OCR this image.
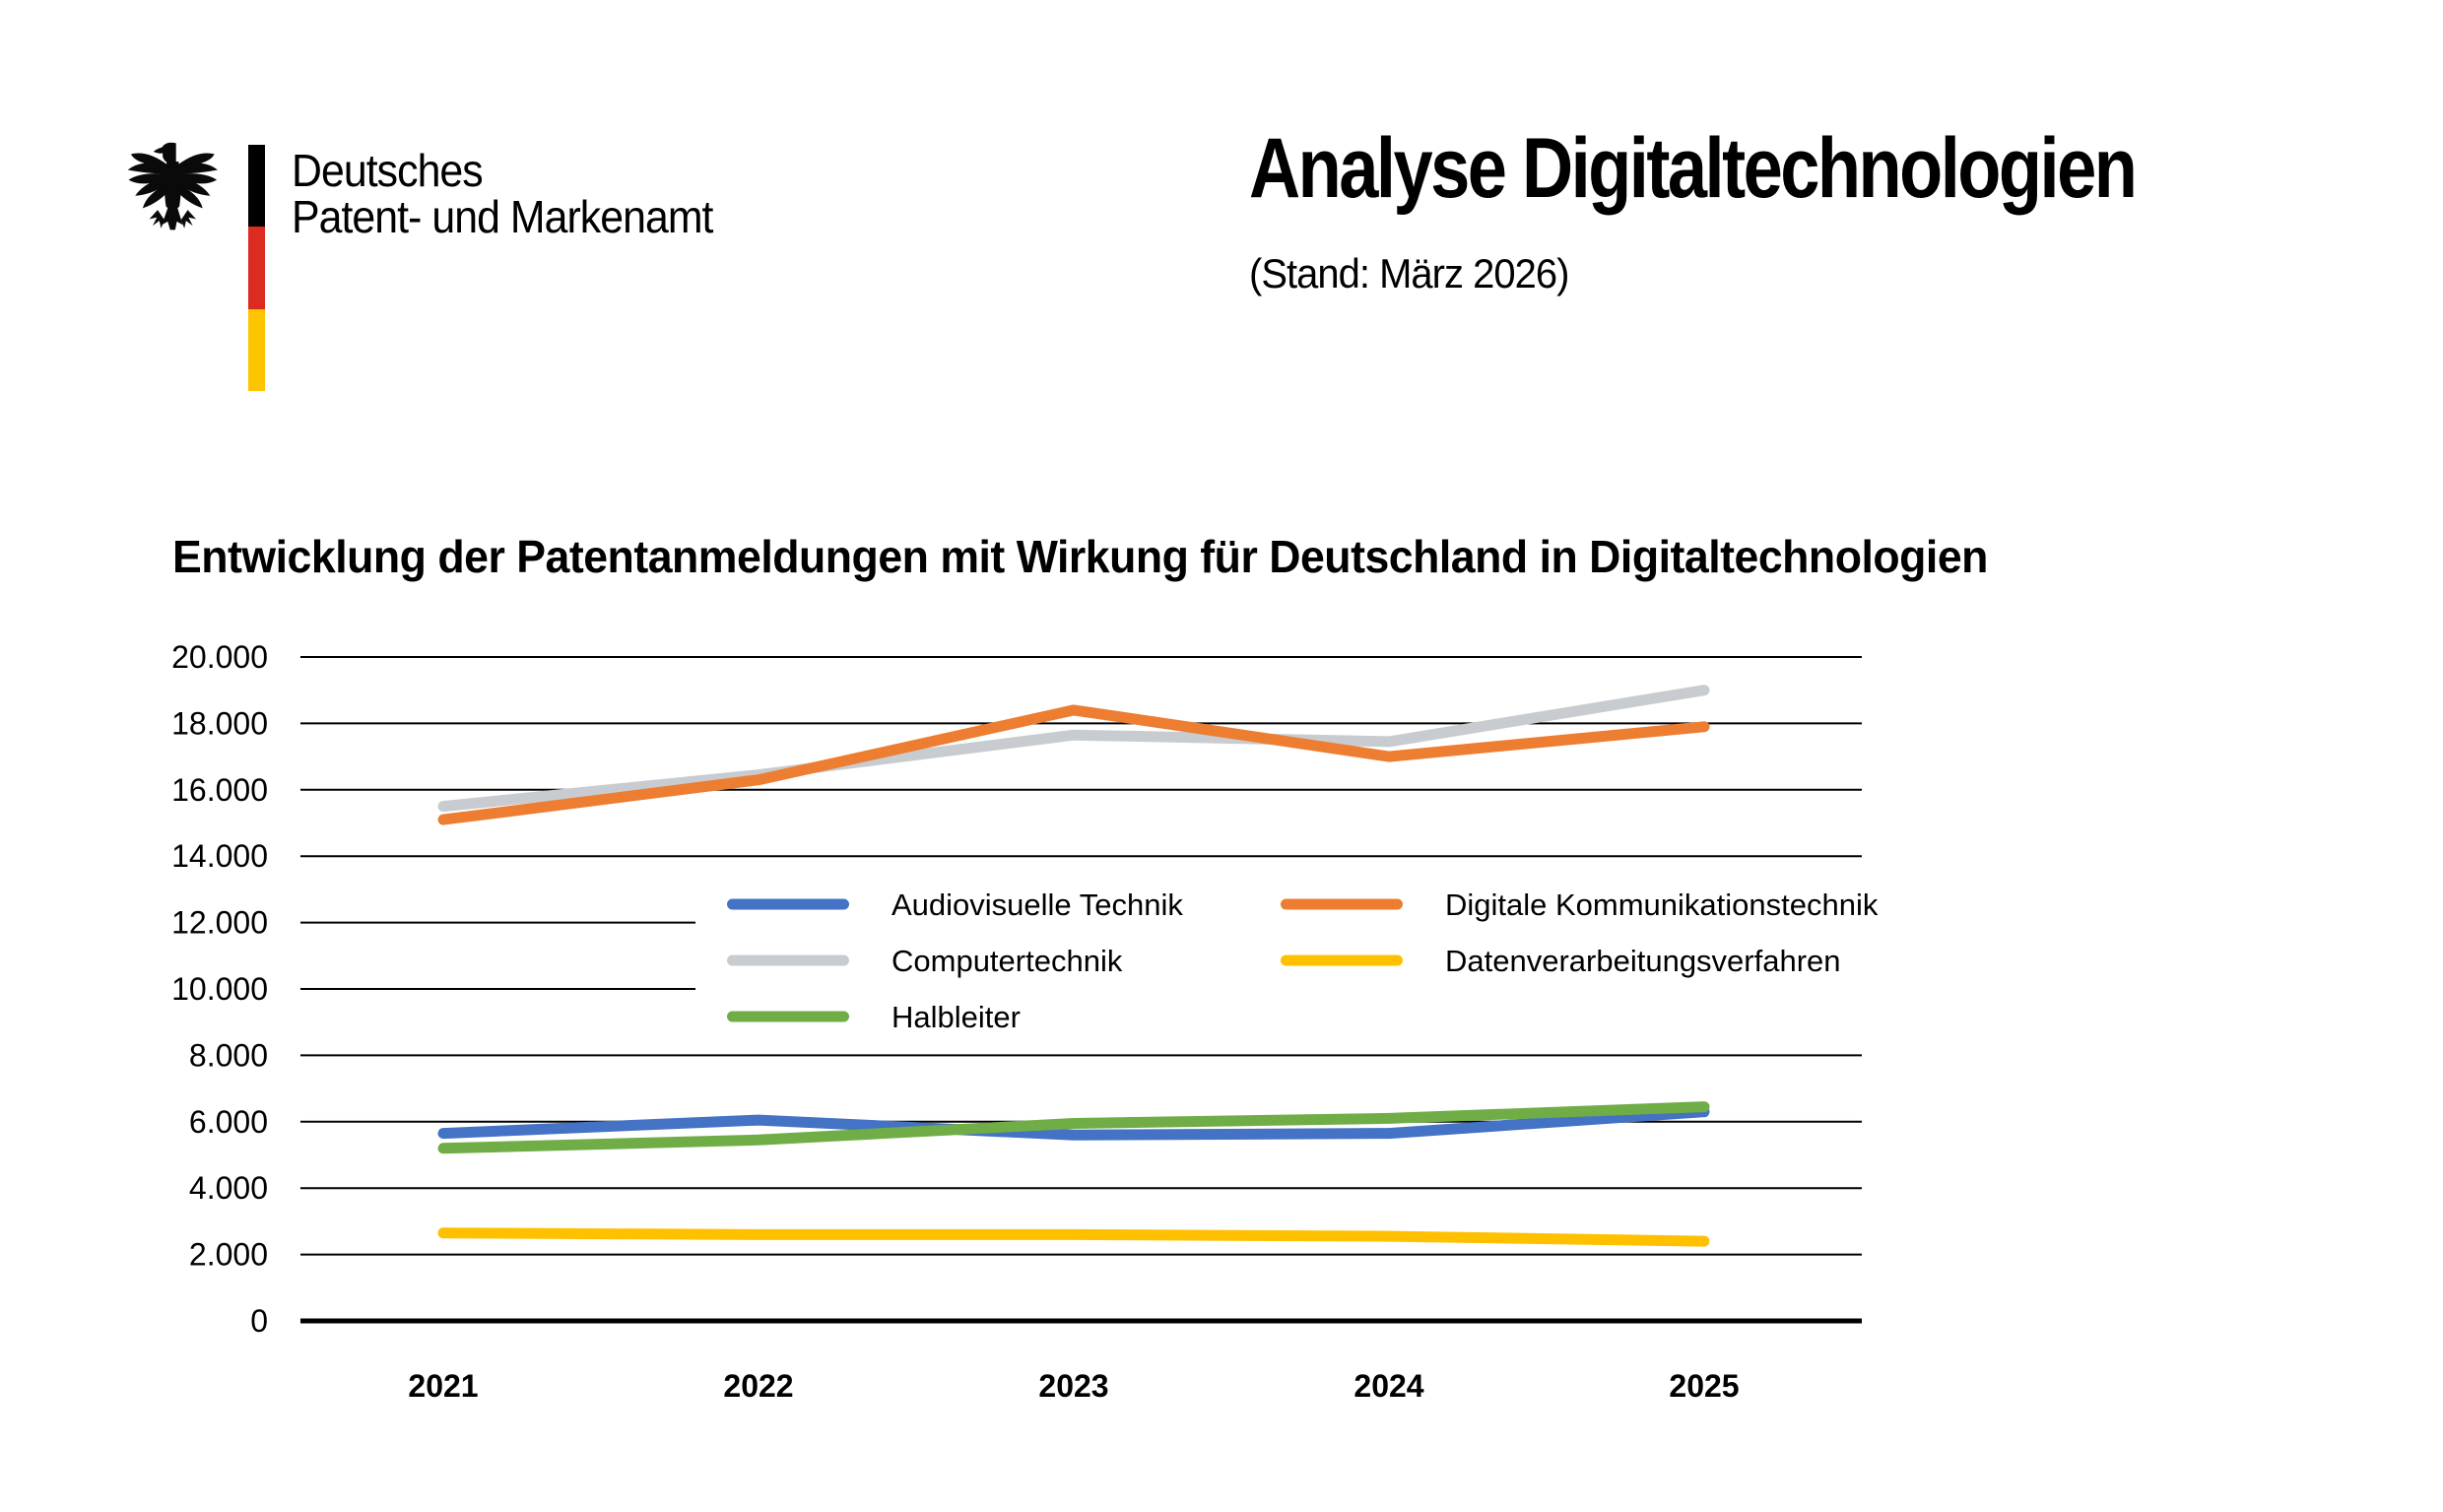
Deutsches
Patent- und Markenamt
Analyse Digitaltechnologien
(Stand: März 2026)
Entwicklung der Patentanmeldungen mit Wirkung für Deutschland in Digitaltechnologien
20.000
18.000
16.000
14.000
12.000
10.000
8.000
6.000
4.000
2.000
0
2021	2022	2023	2024	2025
Audiovisuelle Technik
Computertechnik
Halbleiter
Digitale Kommunikationstechnik
Datenverarbeitungsverfahren
